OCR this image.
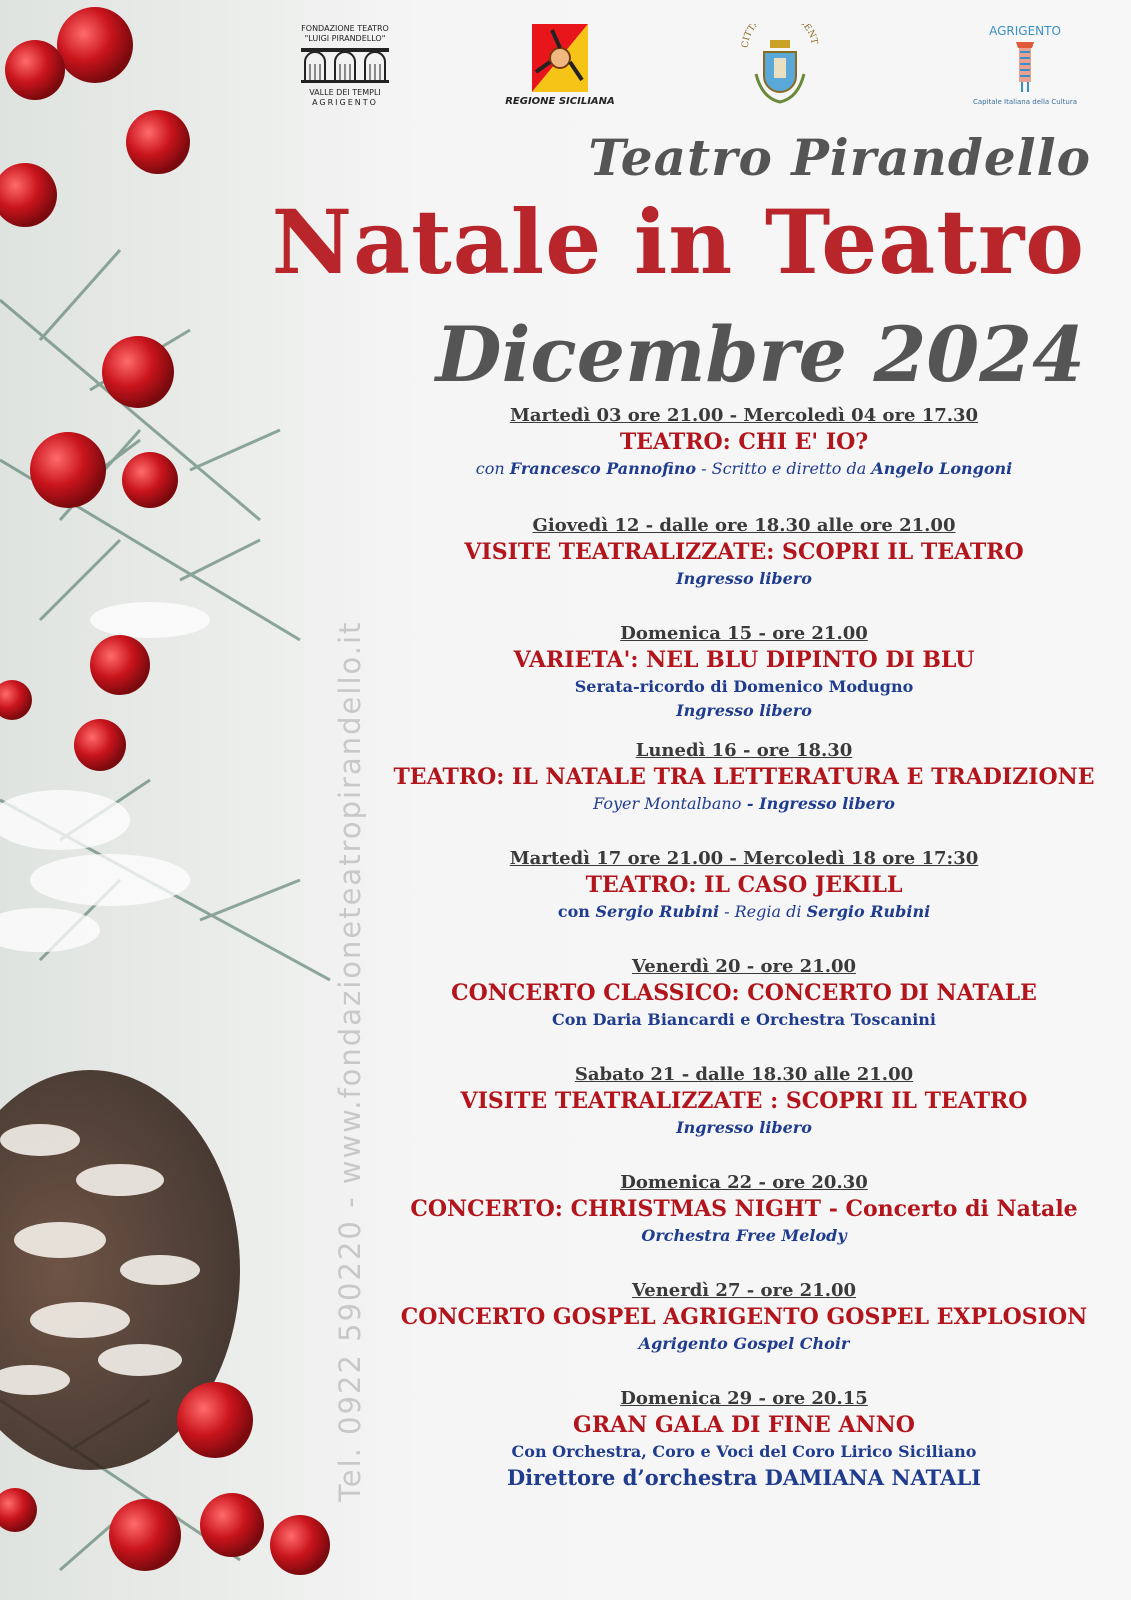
FONDAZIONE TEATRO
"LUIGI PIRANDELLO"
VALLE DEI TEMPLI
AGRIGENTO	REGIONE SICILIANA
CITT ENT
AGRIGENTO
Capitale Italiana della Cultura
Teatro Pirandello
Natale in Teatro
Dicembre 2024
Tel. 0922 590220 - www.fondazioneteatropirandello.it
Martedì 03 ore 21.00 - Mercoledì 04 ore 17.30
TEATRO: CHI E' IO?
con Francesco Pannofino - Scritto e diretto da Angelo Longoni
Giovedì 12 - dalle ore 18.30 alle ore 21.00
VISITE TEATRALIZZATE: SCOPRI IL TEATRO
Ingresso libero
Domenica 15 - ore 21.00
VARIETA': NEL BLU DIPINTO DI BLU
Serata-ricordo di Domenico Modugno
Ingresso libero
Lunedì 16 - ore 18.30
TEATRO: IL NATALE TRA LETTERATURA E TRADIZIONE
Foyer Montalbano - Ingresso libero
Martedì 17 ore 21.00 - Mercoledì 18 ore 17:30
TEATRO: IL CASO JEKILL
con Sergio Rubini - Regia di Sergio Rubini
Venerdì 20 - ore 21.00
CONCERTO CLASSICO: CONCERTO DI NATALE
Con Daria Biancardi e Orchestra Toscanini
Sabato 21 - dalle 18.30 alle 21.00
VISITE TEATRALIZZATE : SCOPRI IL TEATRO
Ingresso libero
Domenica 22 - ore 20.30
CONCERTO: CHRISTMAS NIGHT - Concerto di Natale
Orchestra Free Melody
Venerdì 27 - ore 21.00
CONCERTO GOSPEL AGRIGENTO GOSPEL EXPLOSION
Agrigento Gospel Choir
Domenica 29 - ore 20.15
GRAN GALA DI FINE ANNO
Con Orchestra, Coro e Voci del Coro Lirico Siciliano
Direttore d’orchestra DAMIANA NATALI
